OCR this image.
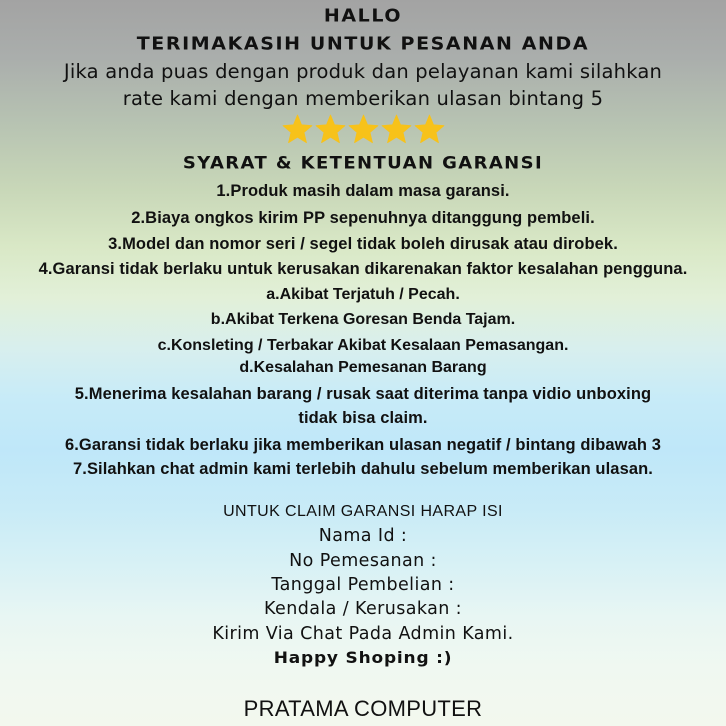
HALLO
TERIMAKASIH UNTUK PESANAN ANDA
Jika anda puas dengan produk dan pelayanan kami silahkan
rate kami dengan memberikan ulasan bintang 5
SYARAT & KETENTUAN GARANSI
1.Produk masih dalam masa garansi.
2.Biaya ongkos kirim PP sepenuhnya ditanggung pembeli.
3.Model dan nomor seri / segel tidak boleh dirusak atau dirobek.
4.Garansi tidak berlaku untuk kerusakan dikarenakan faktor kesalahan pengguna.
a.Akibat Terjatuh / Pecah.
b.Akibat Terkena Goresan Benda Tajam.
c.Konsleting / Terbakar Akibat Kesalaan Pemasangan.
d.Kesalahan Pemesanan Barang
5.Menerima kesalahan barang / rusak saat diterima tanpa vidio unboxing
tidak bisa claim.
6.Garansi tidak berlaku jika memberikan ulasan negatif / bintang dibawah 3
7.Silahkan chat admin kami terlebih dahulu sebelum memberikan ulasan.
UNTUK CLAIM GARANSI HARAP ISI
Nama Id :
No Pemesanan :
Tanggal Pembelian :
Kendala / Kerusakan :
Kirim Via Chat Pada Admin Kami.
Happy Shoping :)
PRATAMA COMPUTER
